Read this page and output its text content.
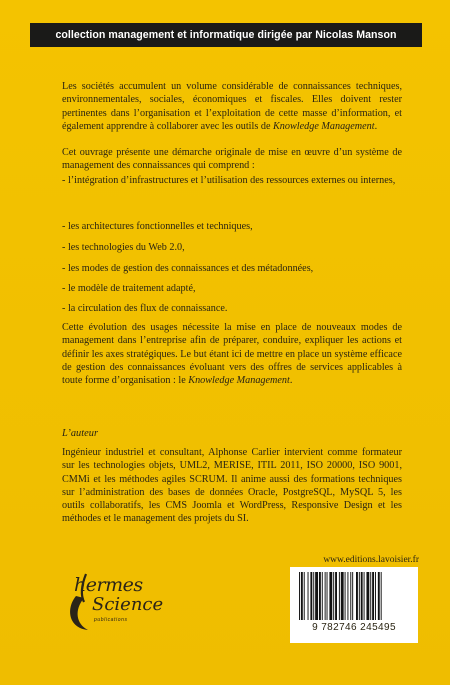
collection management et informatique dirigée par Nicolas Manson
Les sociétés accumulent un volume considérable de connaissances techniques, environnementales, sociales, économiques et fiscales. Elles doivent rester pertinentes dans l’organisation et l’exploitation de cette masse d’information, et également apprendre à collaborer avec les outils de Knowledge Management.
Cet ouvrage présente une démarche originale de mise en œuvre d’un système de management des connaissances qui comprend :
- l’intégration d’infrastructures et l’utilisation des ressources externes ou internes,
- les architectures fonctionnelles et techniques,
- les technologies du Web 2.0,
- les modes de gestion des connaissances et des métadonnées,
- le modèle de traitement adapté,
- la circulation des flux de connaissance.
Cette évolution des usages nécessite la mise en place de nouveaux modes de management dans l’entreprise afin de préparer, conduire, expliquer les actions et définir les axes stratégiques. Le but étant ici de mettre en place un système efficace de gestion des connaissances évoluant vers des offres de services applicables à toute forme d’organisation : le Knowledge Management.
L’auteur
Ingénieur industriel et consultant, Alphonse Carlier intervient comme formateur sur les technologies objets, UML2, MERISE, ITIL 2011, ISO 20000, ISO 9001, CMMi et les méthodes agiles SCRUM. Il anime aussi des formations techniques sur l’administration des bases de données Oracle, PostgreSQL, MySQL 5, les outils collaboratifs, les CMS Joomla et WordPress, Responsive Design et les méthodes et le management des projets du SI.
hermes
Science
publications
www.editions.lavoisier.fr
9 782746 245495
